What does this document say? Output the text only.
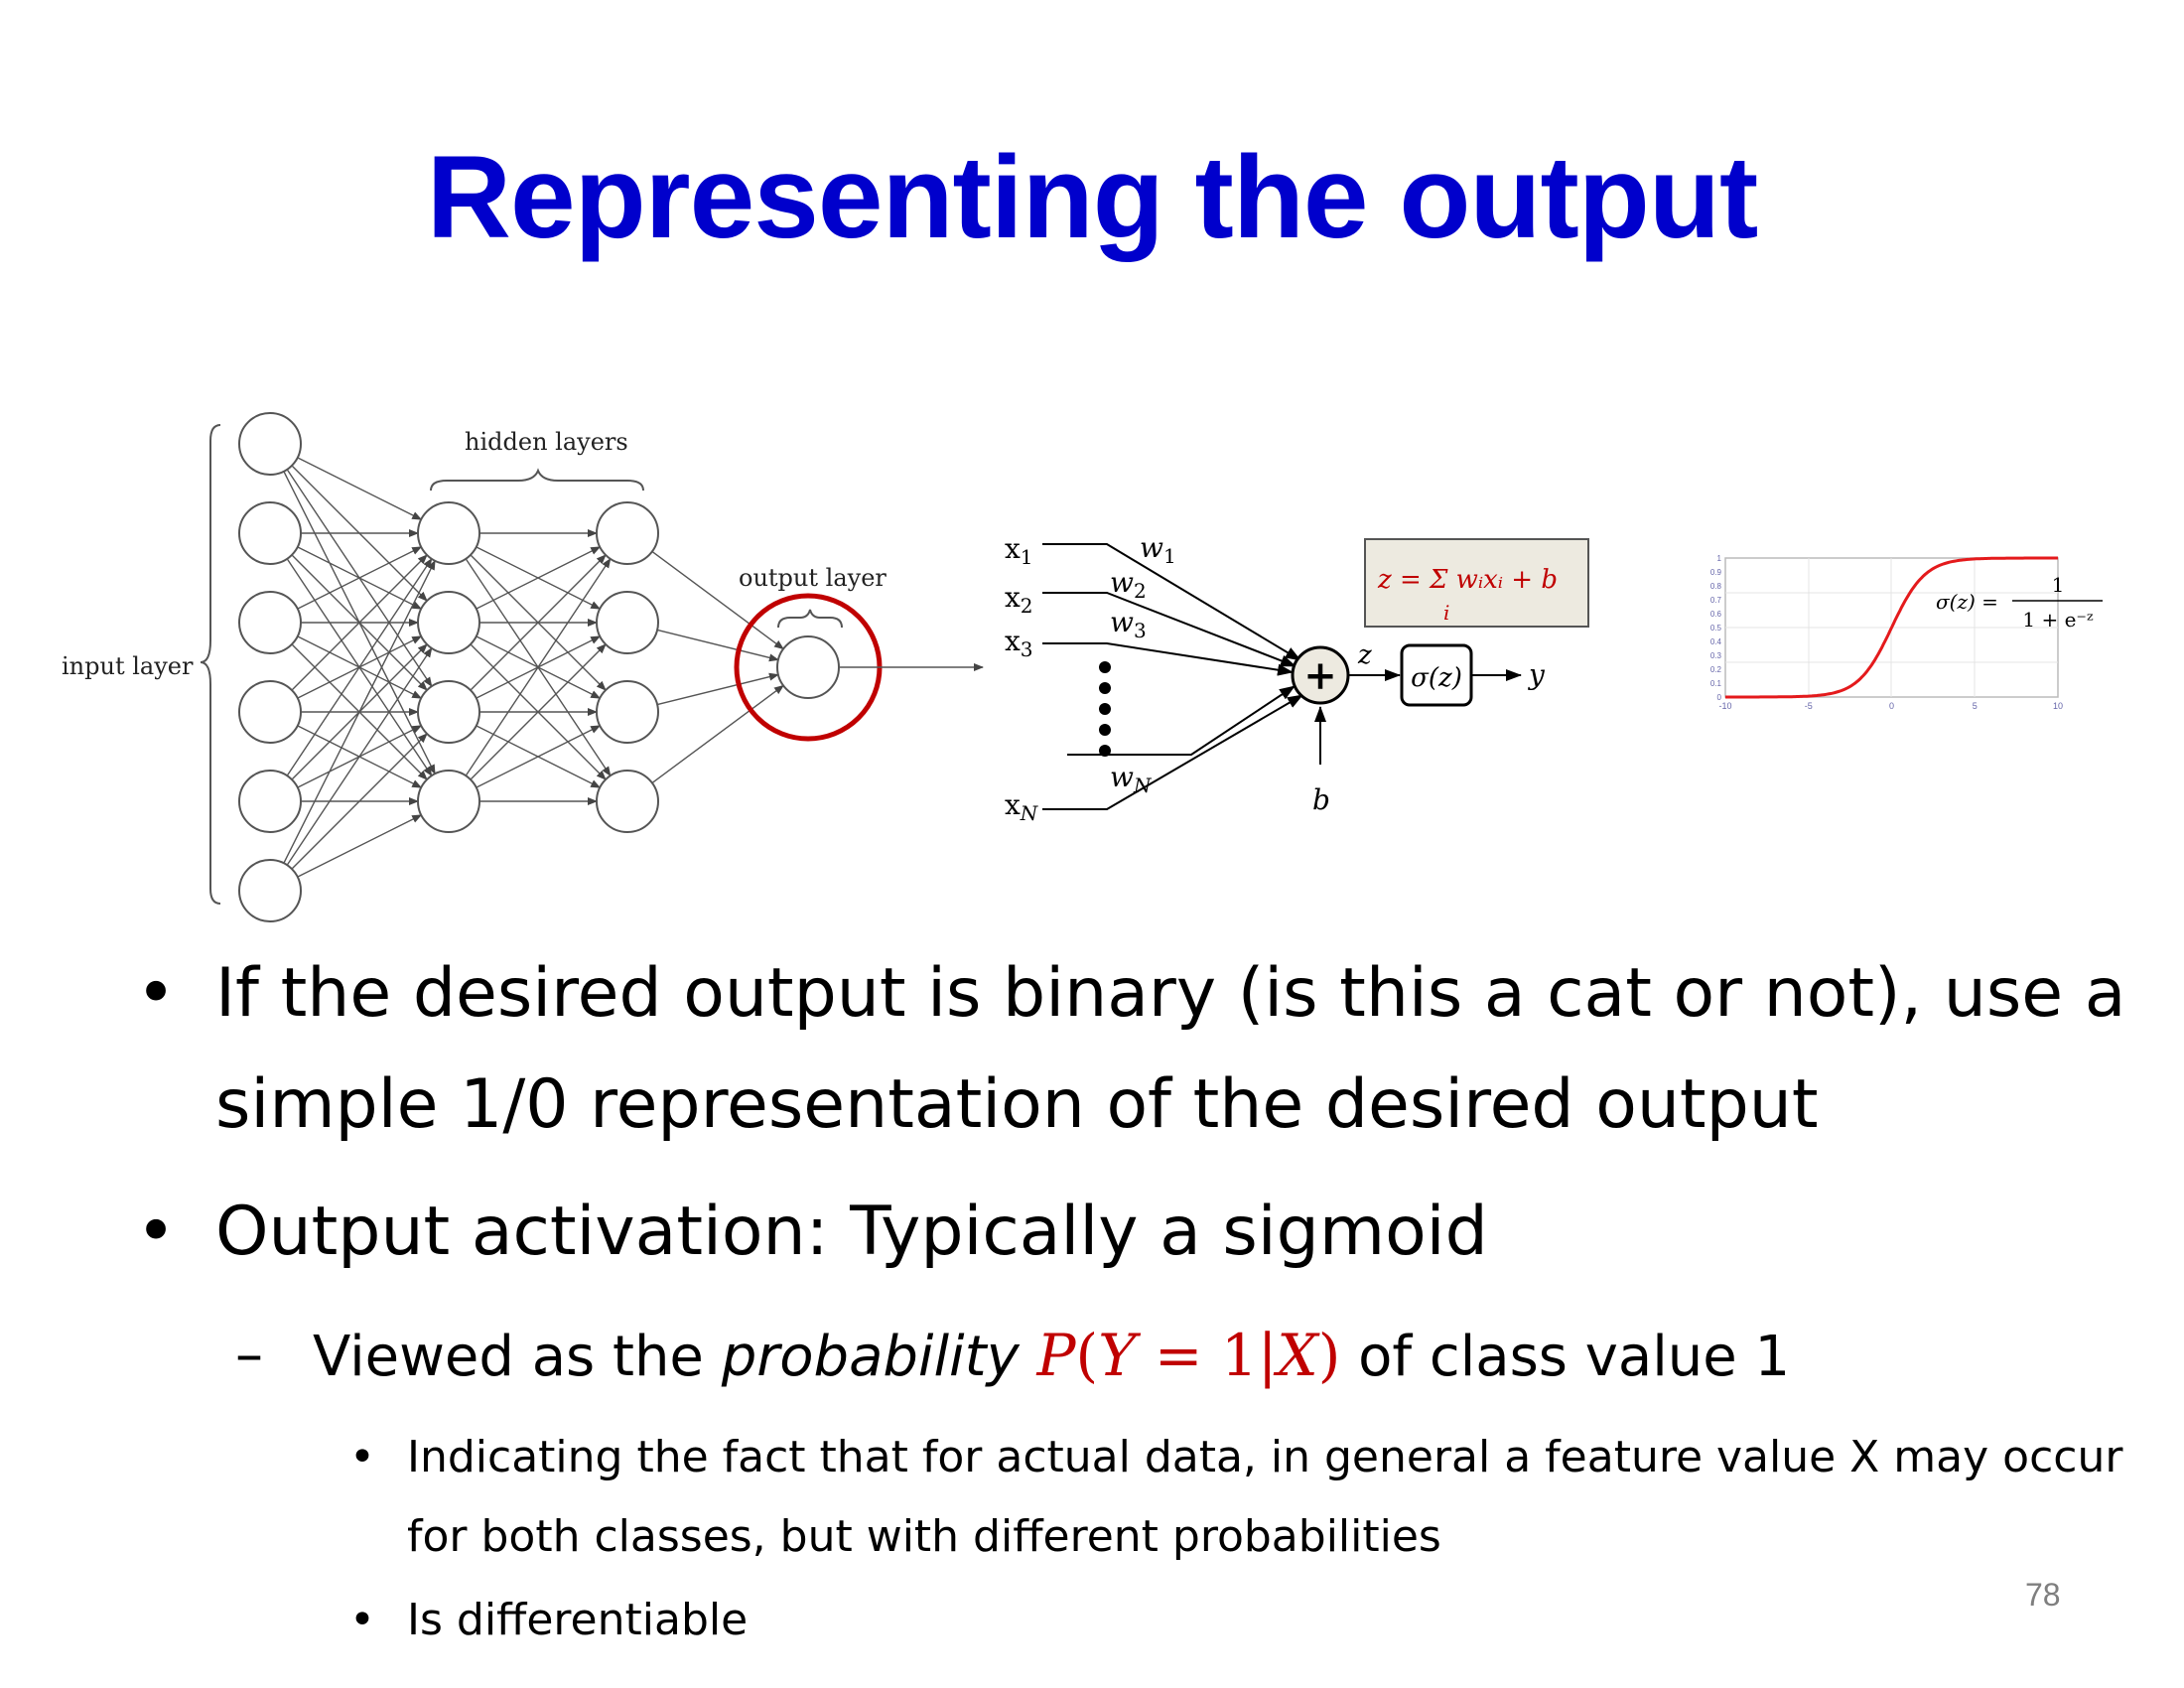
Representing the output
input layer
hidden layers
output layer
$x_1$
$x_2$
$x_3$
$x_N$
$w_1$
$w_2$
$w_3$
$w_N$
z = Σ wᵢxᵢ + b
i
+
b
z
σ(z) y
0
0.1
0.2
0.3
0.4
0.5
0.6
0.7
0.8
0.9
1
-10	-5	0	5	10
σ(z) =
1
1 + e⁻ᶻ
• If the desired output is binary (is this a cat or not), use a simple 1/0 representation of the desired output
• Output activation: Typically a sigmoid
– Viewed as the probability P(Y = 1|X) of class value 1
• Indicating the fact that for actual data, in general a feature value X may occur for both classes, but with different probabilities
• Is differentiable	78
